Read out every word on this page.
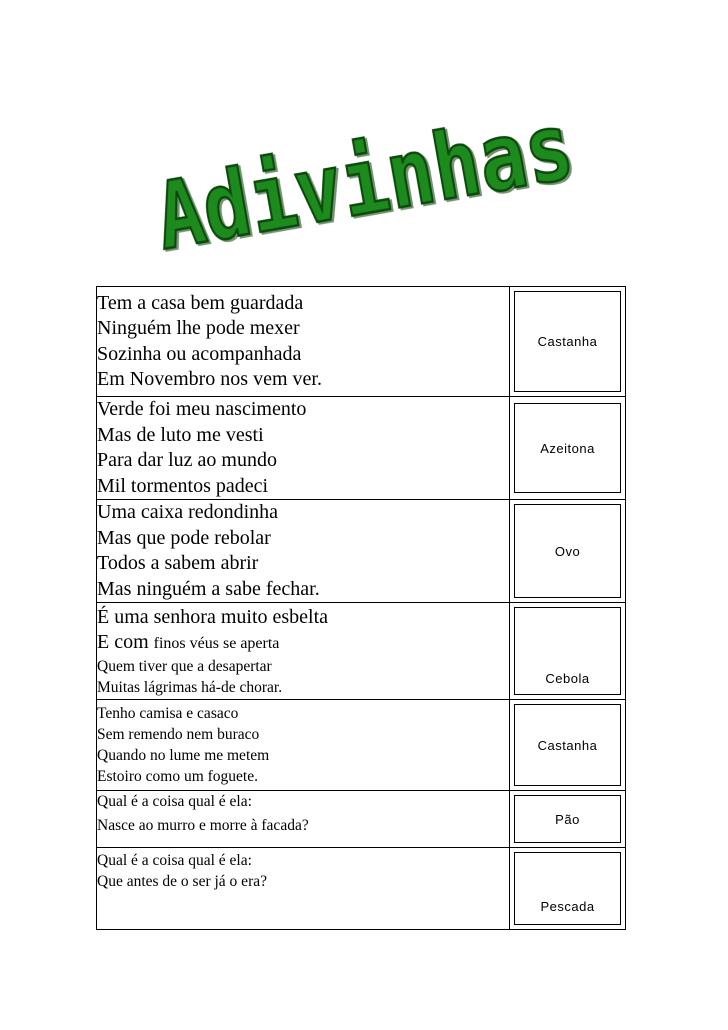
Adivinhas
Tem a casa bem guardada
Ninguém lhe pode mexer
Sozinha ou acompanhada
Em Novembro nos vem ver.	Castanha

Verde foi meu nascimento
Mas de luto me vesti
Para dar luz ao mundo
Mil tormentos padeci	Azeitona

Uma caixa redondinha
Mas que pode rebolar
Todos a sabem abrir
Mas ninguém a sabe fechar.	Ovo

É uma senhora muito esbelta
E com finos véus se aperta
Quem tiver que a desapertar
Muitas lágrimas há-de chorar.	Cebola

Tenho camisa e casaco
Sem remendo nem buraco
Quando no lume me metem
Estoiro como um foguete.	Castanha

Qual é a coisa qual é ela:
Nasce ao murro e morre à facada?	Pão

Qual é a coisa qual é ela:
Que antes de o ser já o era?	Pescada
